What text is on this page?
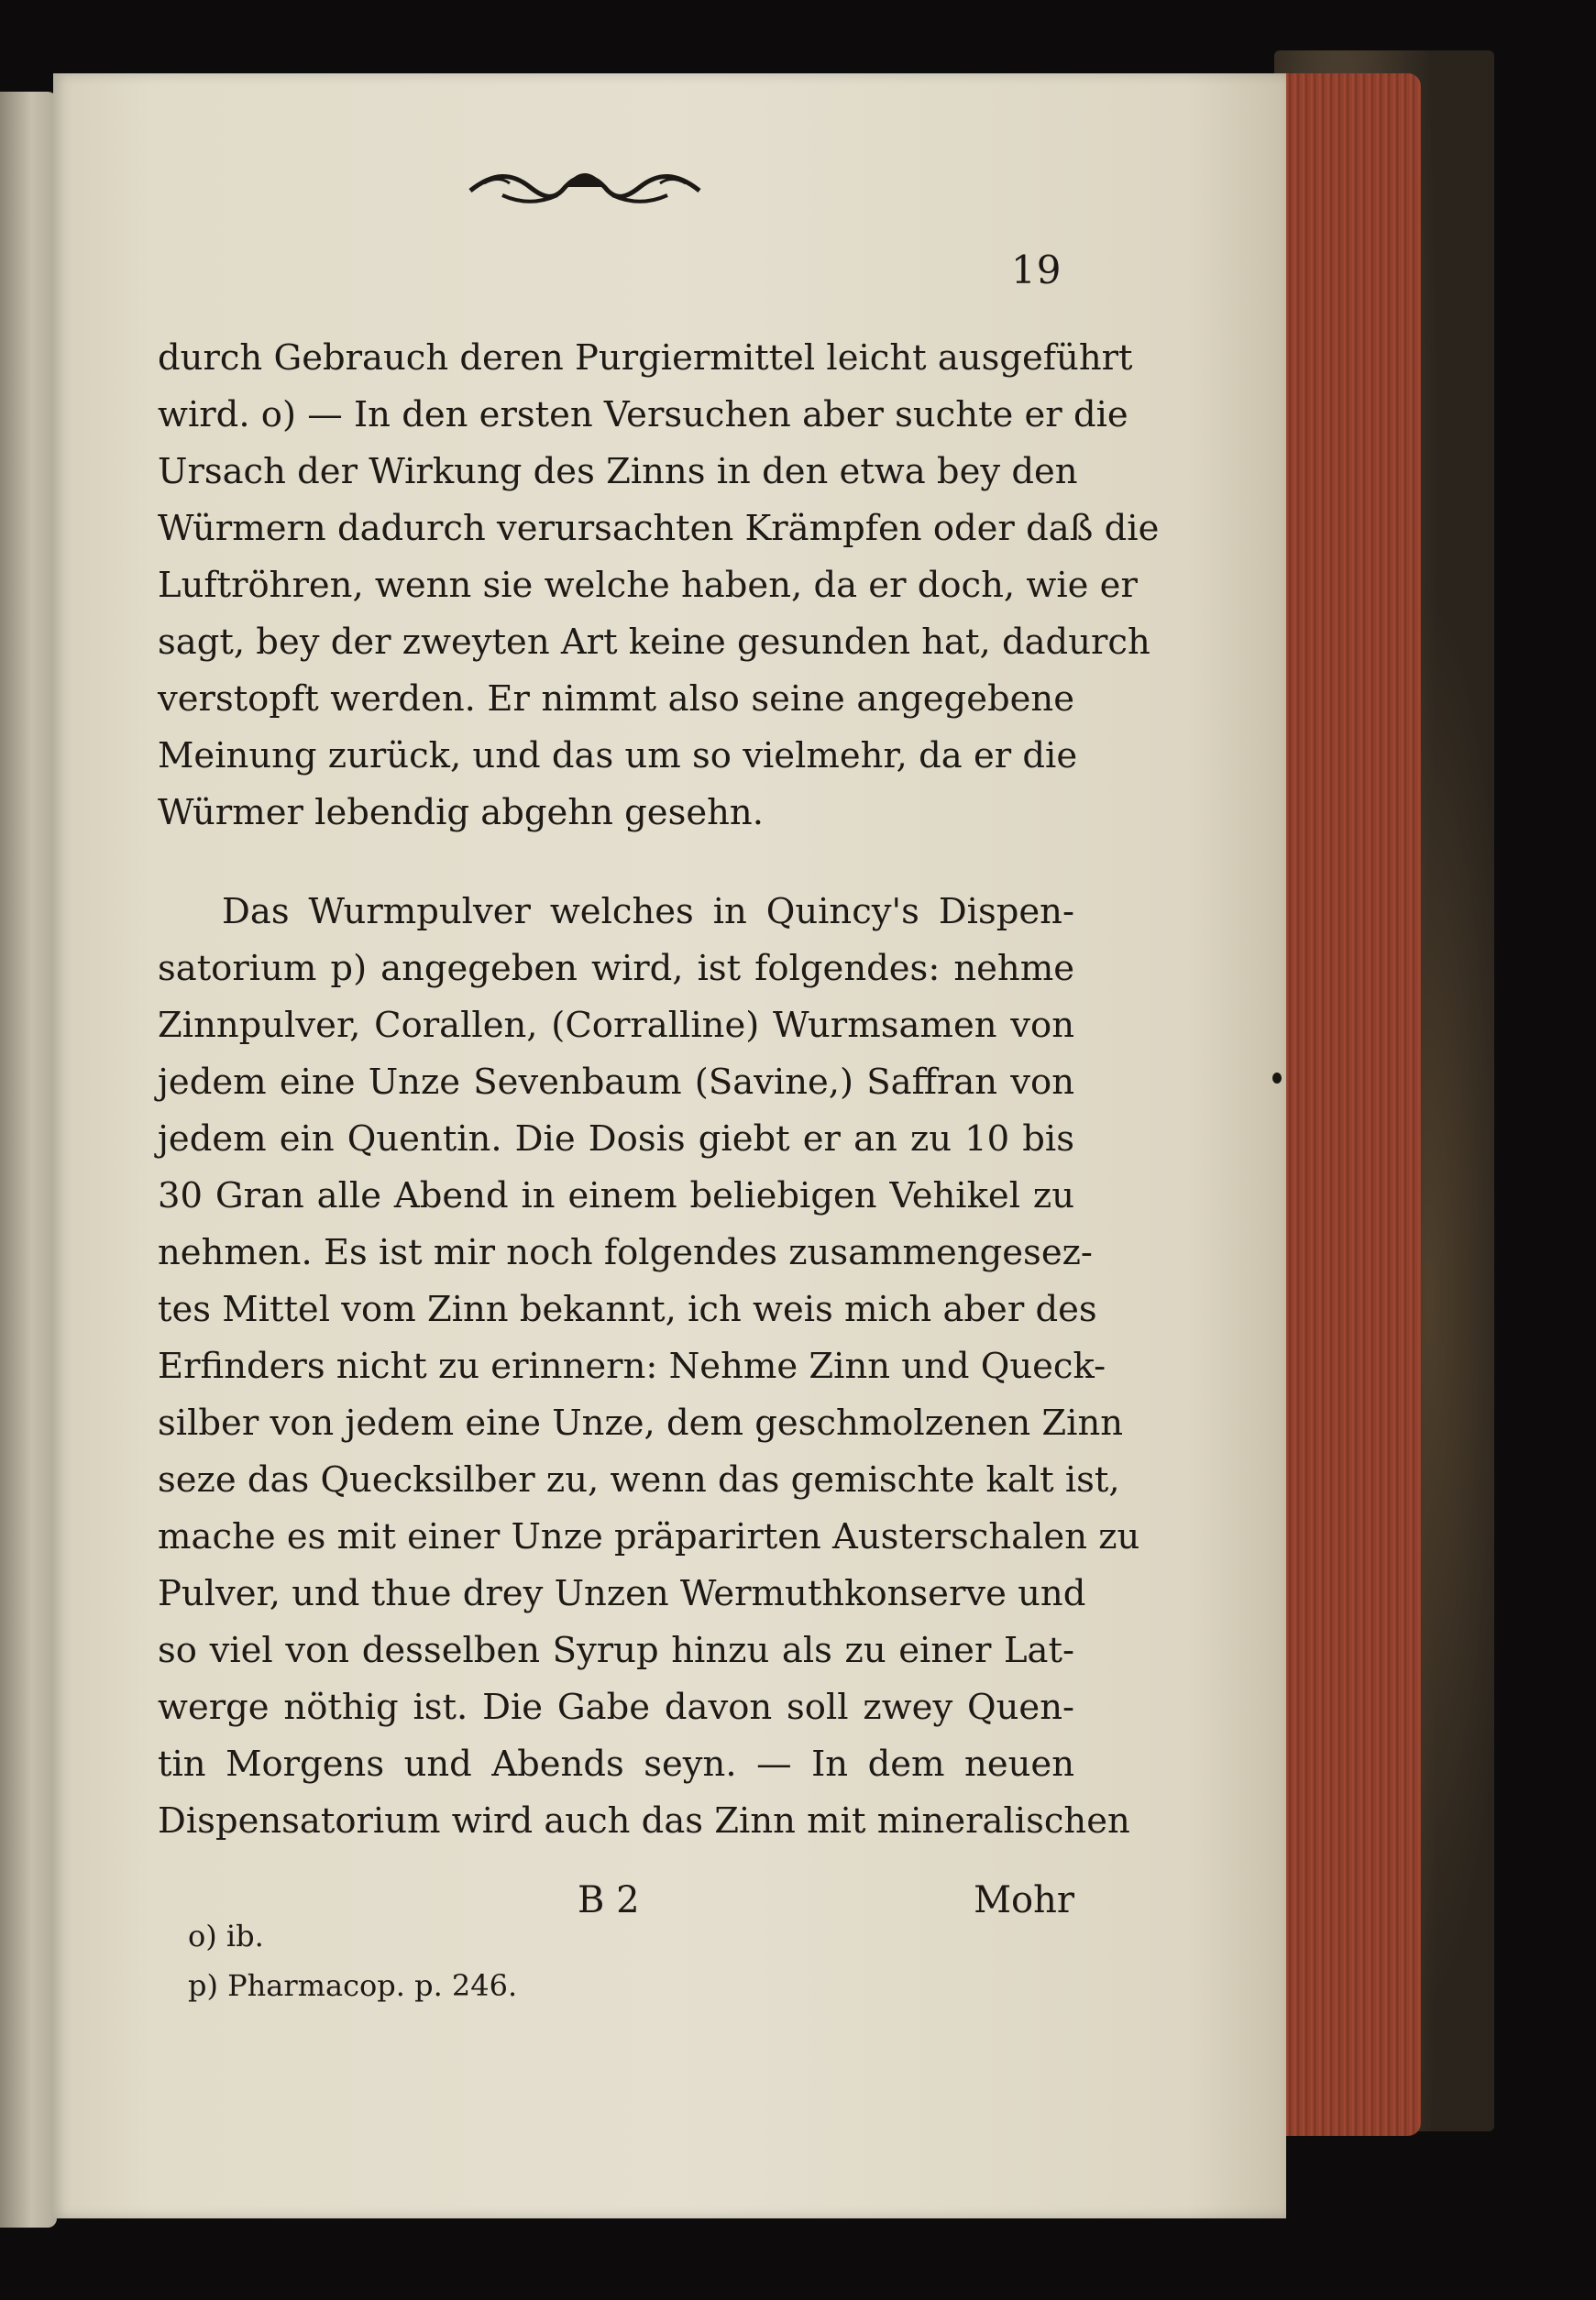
19
durch Gebrauch deren Purgiermittel leicht ausgeführt
wird. o) — In den ersten Versuchen aber suchte er die
Ursach der Wirkung des Zinns in den etwa bey den
Würmern dadurch verursachten Krämpfen oder daß die
Luftröhren, wenn sie welche haben, da er doch, wie er
sagt, bey der zweyten Art keine gesunden hat, dadurch
verstopft werden. Er nimmt also seine angegebene
Meinung zurück, und das um so vielmehr, da er die
Würmer lebendig abgehn gesehn.
Das Wurmpulver welches in Quincy's Dispen-
satorium p) angegeben wird, ist folgendes: nehme
Zinnpulver, Corallen, (Corralline) Wurmsamen von
jedem eine Unze Sevenbaum (Savine,) Saffran von
jedem ein Quentin. Die Dosis giebt er an zu 10 bis
30 Gran alle Abend in einem beliebigen Vehikel zu
nehmen. Es ist mir noch folgendes zusammengesez-
tes Mittel vom Zinn bekannt, ich weis mich aber des
Erfinders nicht zu erinnern: Nehme Zinn und Queck-
silber von jedem eine Unze, dem geschmolzenen Zinn
seze das Quecksilber zu, wenn das gemischte kalt ist,
mache es mit einer Unze präparirten Austerschalen zu
Pulver, und thue drey Unzen Wermuthkonserve und
so viel von desselben Syrup hinzu als zu einer Lat-
werge nöthig ist. Die Gabe davon soll zwey Quen-
tin Morgens und Abends seyn. — In dem neuen
Dispensatorium wird auch das Zinn mit mineralischen
B 2	Mohr
o) ib.
p) Pharmacop. p. 246.
